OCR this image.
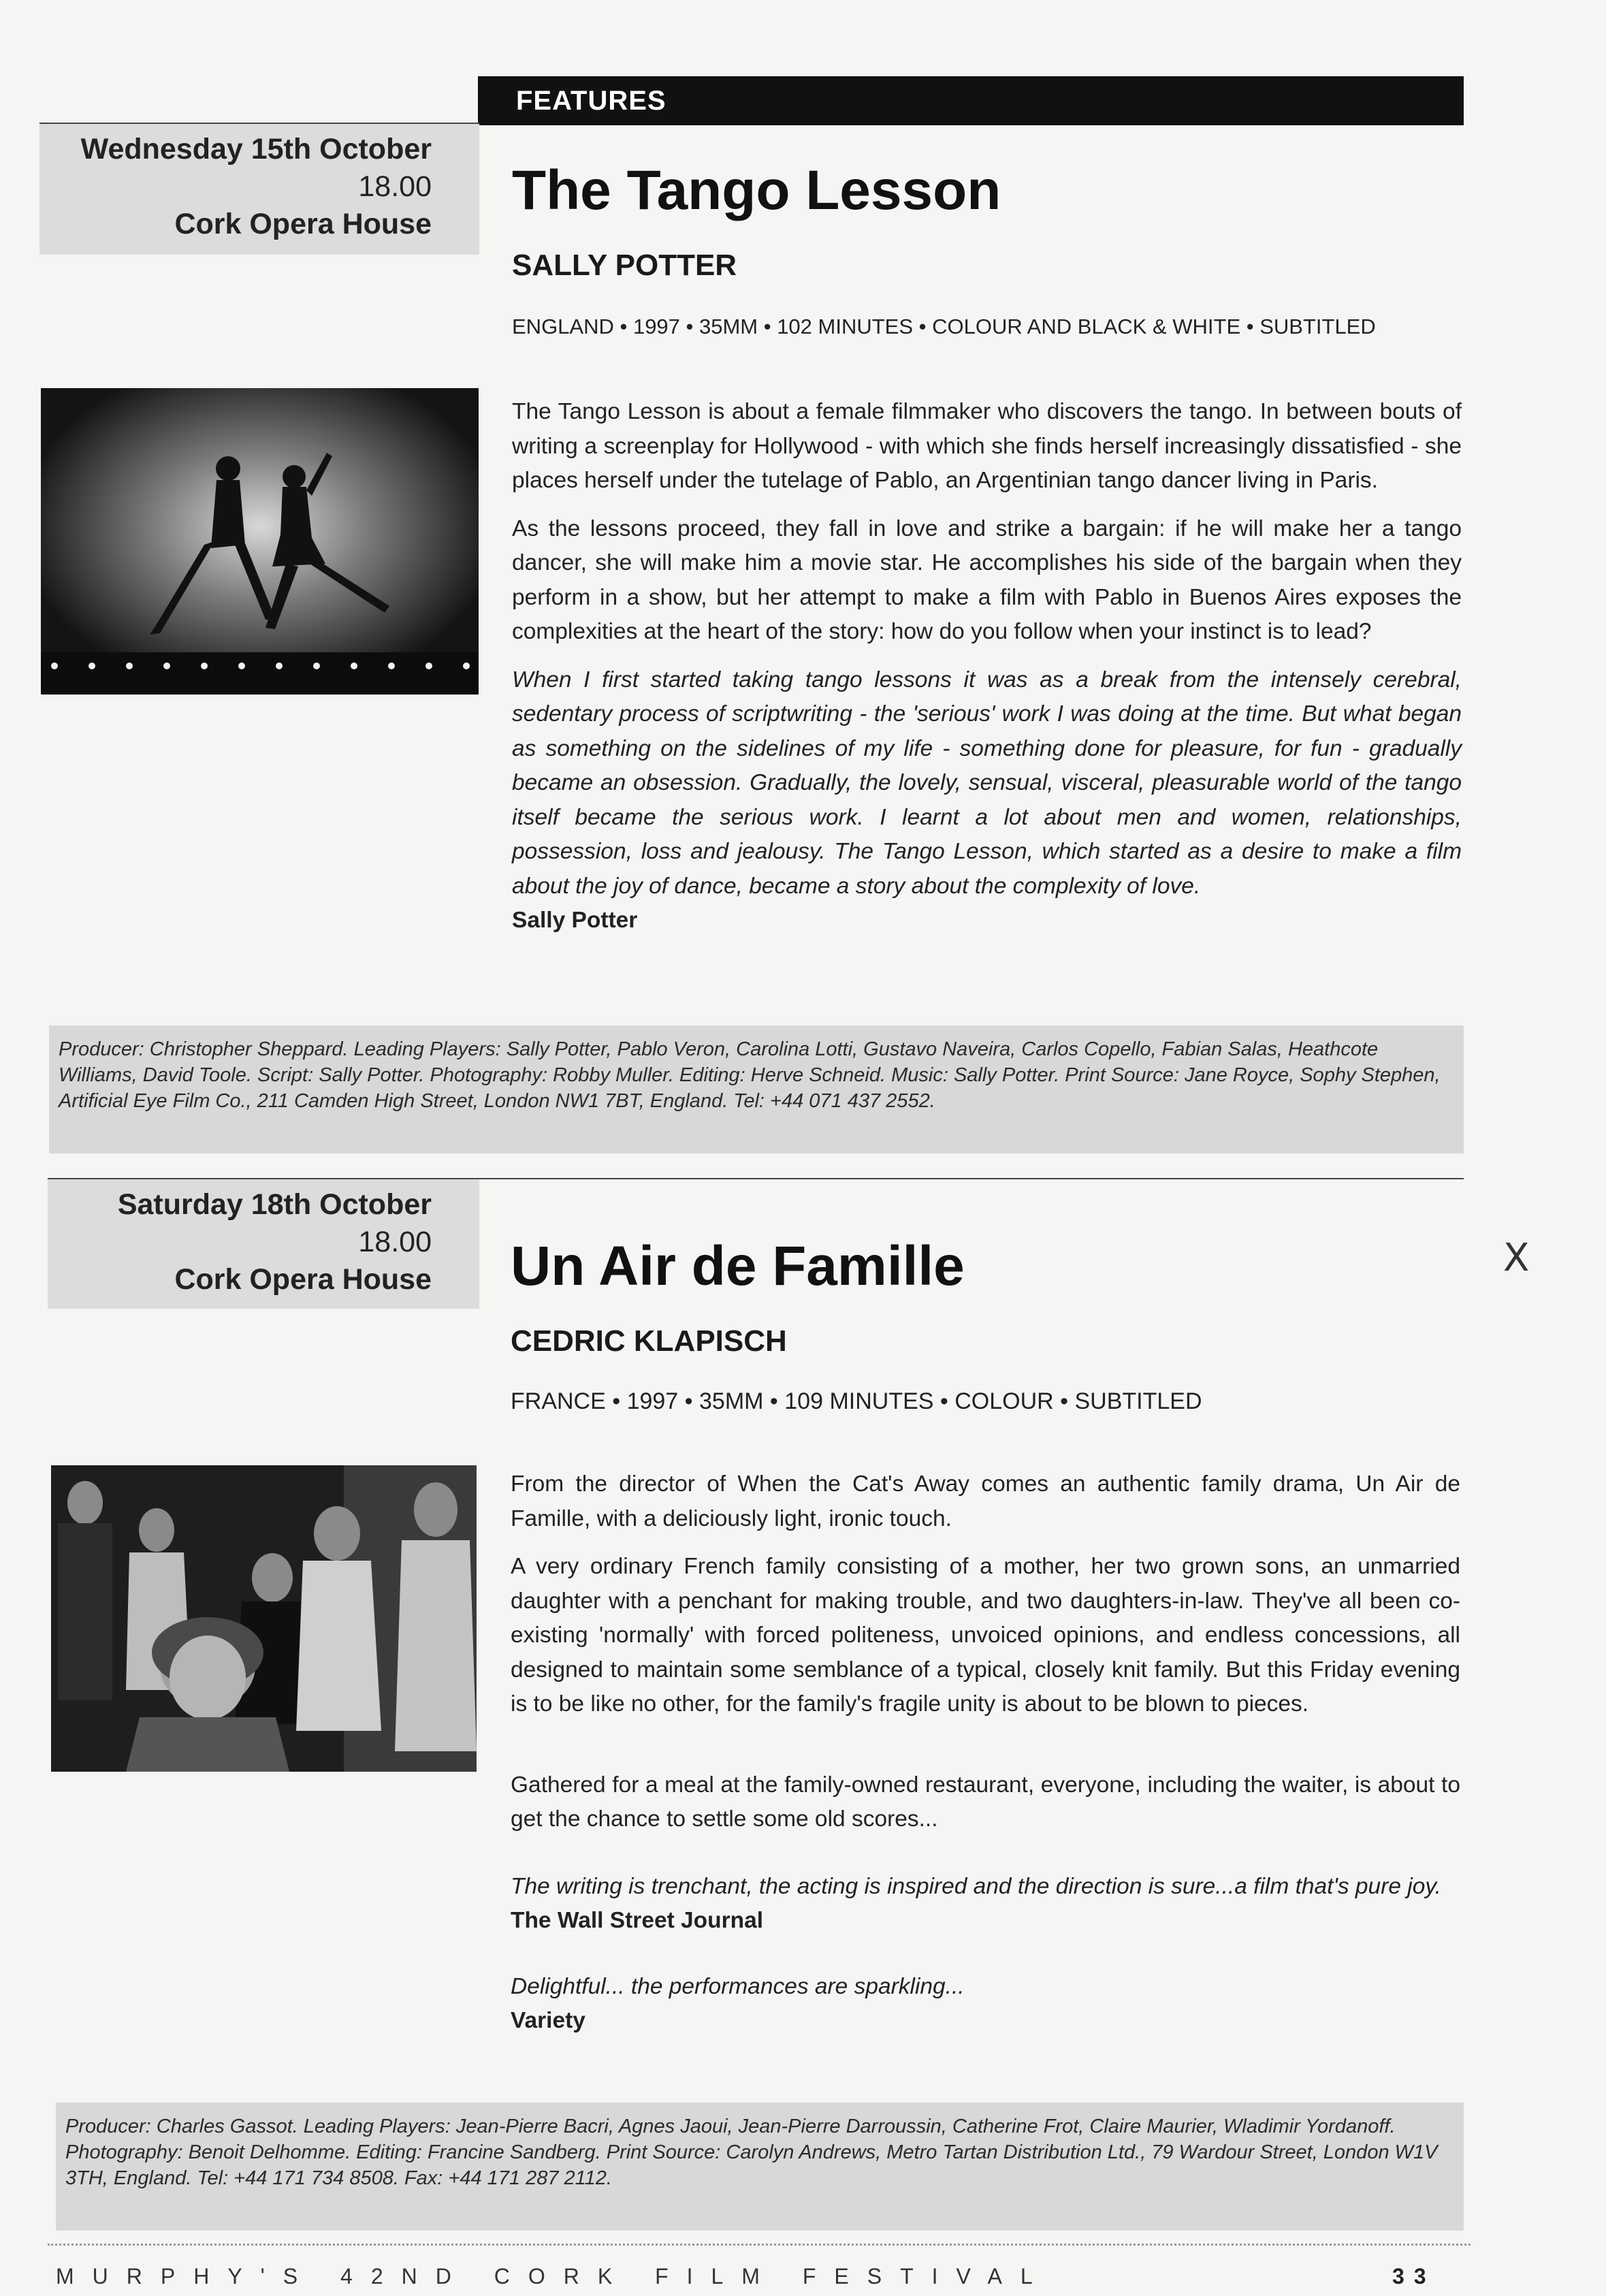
FEATURES
Wednesday 15th October
18.00
Cork Opera House
The Tango Lesson
SALLY POTTER
ENGLAND • 1997 • 35MM • 102 MINUTES • COLOUR AND BLACK & WHITE • SUBTITLED

The Tango Lesson is about a female filmmaker who discovers the tango. In between bouts of writing a screenplay for Hollywood - with which she finds herself increasingly dissatisfied - she places herself under the tutelage of Pablo, an Argentinian tango dancer living in Paris.

As the lessons proceed, they fall in love and strike a bargain: if he will make her a tango dancer, she will make him a movie star. He accomplishes his side of the bargain when they perform in a show, but her attempt to make a film with Pablo in Buenos Aires exposes the complexities at the heart of the story: how do you follow when your instinct is to lead?

When I first started taking tango lessons it was as a break from the intensely cerebral, sedentary process of scriptwriting - the 'serious' work I was doing at the time. But what began as something on the sidelines of my life - something done for pleasure, for fun - gradually became an obsession. Gradually, the lovely, sensual, visceral, pleasurable world of the tango itself became the serious work. I learnt a lot about men and women, relationships, possession, loss and jealousy. The Tango Lesson, which started as a desire to make a film about the joy of dance, became a story about the complexity of love.

Sally Potter
Producer: Christopher Sheppard. Leading Players: Sally Potter, Pablo Veron, Carolina Lotti, Gustavo Naveira, Carlos Copello, Fabian Salas, Heathcote Williams, David Toole. Script: Sally Potter. Photography: Robby Muller. Editing: Herve Schneid. Music: Sally Potter. Print Source: Jane Royce, Sophy Stephen, Artificial Eye Film Co., 211 Camden High Street, London NW1 7BT, England. Tel: +44 071 437 2552.
Saturday 18th October
18.00
Cork Opera House Un Air de Famille
CEDRIC KLAPISCH
FRANCE • 1997 • 35MM • 109 MINUTES • COLOUR • SUBTITLED

From the director of When the Cat's Away comes an authentic family drama, Un Air de Famille, with a deliciously light, ironic touch.

A very ordinary French family consisting of a mother, her two grown sons, an unmarried daughter with a penchant for making trouble, and two daughters-in-law. They've all been co-existing 'normally' with forced politeness, unvoiced opinions, and endless concessions, all designed to maintain some semblance of a typical, closely knit family. But this Friday evening is to be like no other, for the family's fragile unity is about to be blown to pieces.

Gathered for a meal at the family-owned restaurant, everyone, including the waiter, is about to get the chance to settle some old scores...

The writing is trenchant, the acting is inspired and the direction is sure...a film that's pure joy.

The Wall Street Journal

Delightful... the performances are sparkling...

Variety
Producer: Charles Gassot. Leading Players: Jean-Pierre Bacri, Agnes Jaoui, Jean-Pierre Darroussin, Catherine Frot, Claire Maurier, Wladimir Yordanoff. Photography: Benoit Delhomme. Editing: Francine Sandberg. Print Source: Carolyn Andrews, Metro Tartan Distribution Ltd., 79 Wardour Street, London W1V 3TH, England. Tel: +44 171 734 8508. Fax: +44 171 287 2112.
X
MURPHY'S 42ND CORK FILM FESTIVAL	33
